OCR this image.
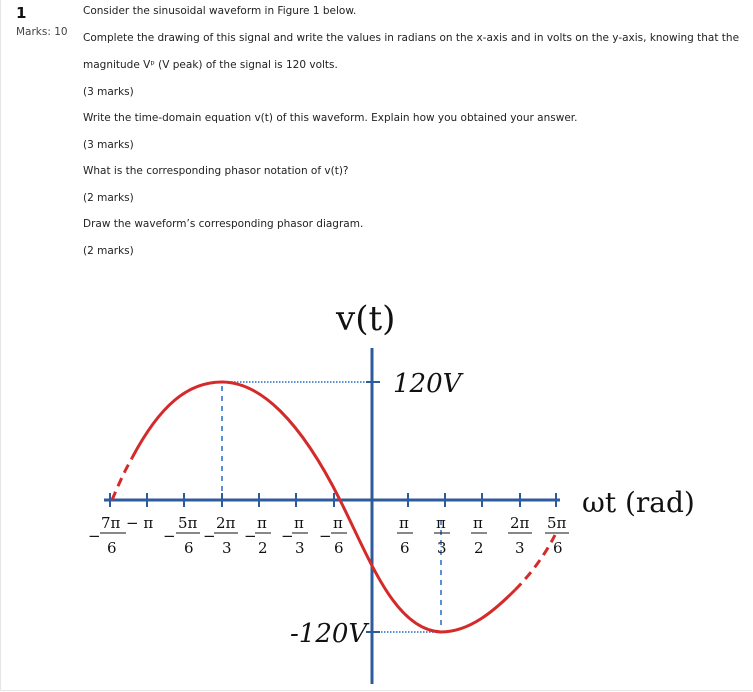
1
Marks: 10
Consider the sinusoidal waveform in Figure 1 below.
Complete the drawing of this signal and write the values in radians on the x-axis and in volts on the y-axis, knowing that the
magnitude Vᵖ (V peak) of the signal is 120 volts.
(3 marks)
Write the time-domain equation v(t) of this waveform. Explain how you obtained your answer.
(3 marks)
What is the corresponding phasor notation of v(t)?
(2 marks)
Draw the waveform’s corresponding phasor diagram.
(2 marks)
v(t)
ωt (rad)
120V
-120V
−
7π
6
− π
−
5π
6
−
2π
3
−
π
2
−
π
3
−
π
6
π
6
π
3
π
2
2π
3
5π
6
